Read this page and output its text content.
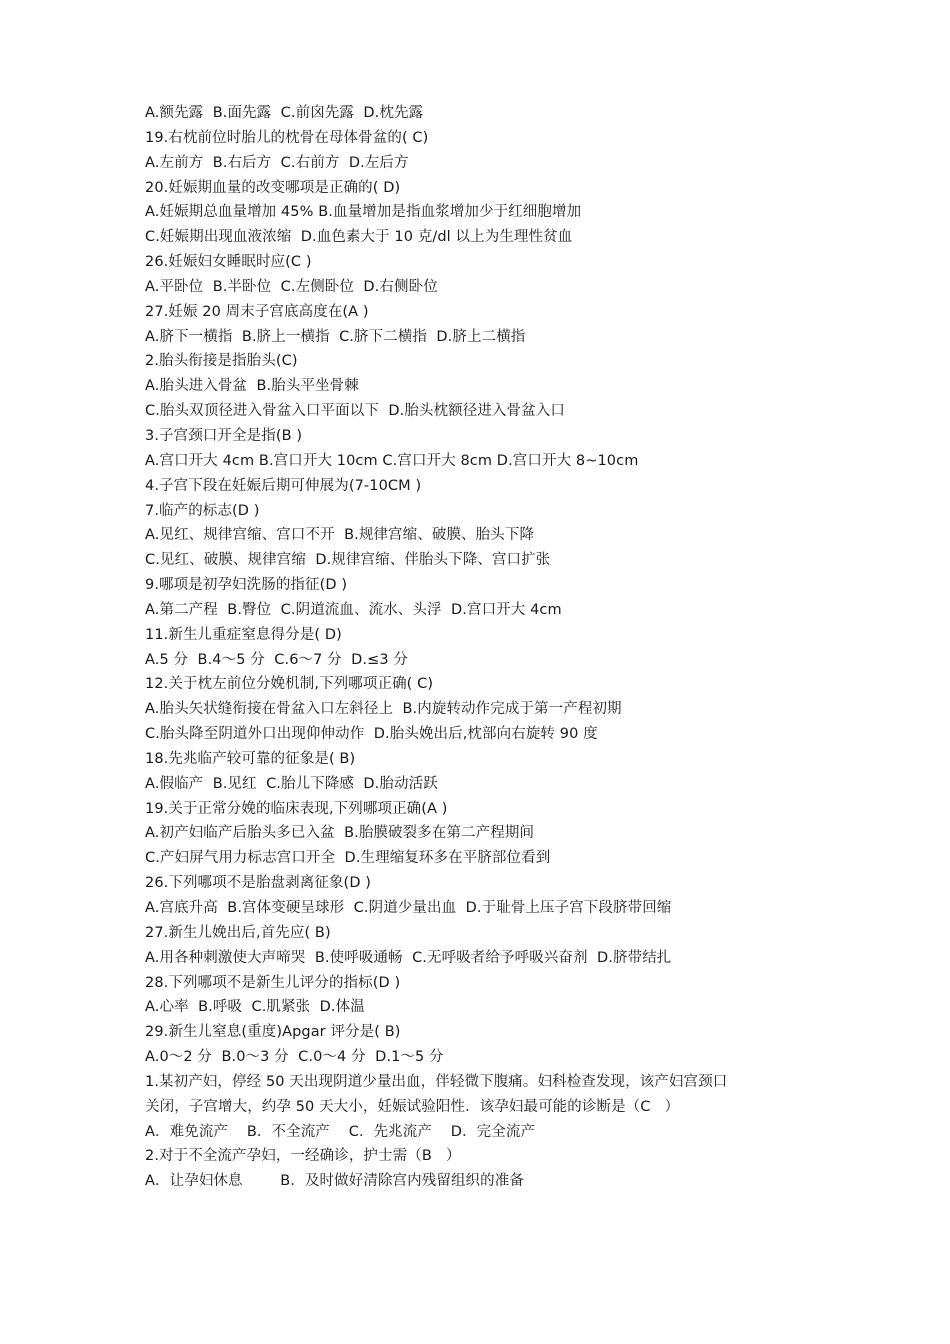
A.额先露  B.面先露  C.前囟先露  D.枕先露
19.右枕前位时胎儿的枕骨在母体骨盆的( C)
A.左前方  B.右后方  C.右前方  D.左后方
20.妊娠期血量的改变哪项是正确的( D)
A.妊娠期总血量增加 45% B.血量增加是指血浆增加少于红细胞增加
C.妊娠期出现血液浓缩  D.血色素大于 10 克/dl 以上为生理性贫血
26.妊娠妇女睡眠时应(C )
A.平卧位  B.半卧位  C.左侧卧位  D.右侧卧位
27.妊娠 20 周末子宫底高度在(A )
A.脐下一横指  B.脐上一横指  C.脐下二横指  D.脐上二横指
2.胎头衔接是指胎头(C)
A.胎头进入骨盆  B.胎头平坐骨棘
C.胎头双顶径进入骨盆入口平面以下  D.胎头枕额径进入骨盆入口
3.子宫颈口开全是指(B )
A.宫口开大 4cm B.宫口开大 10cm C.宫口开大 8cm D.宫口开大 8~10cm
4.子宫下段在妊娠后期可伸展为(7-10CM )
7.临产的标志(D )
A.见红、规律宫缩、宫口不开  B.规律宫缩、破膜、胎头下降
C.见红、破膜、规律宫缩  D.规律宫缩、伴胎头下降、宫口扩张
9.哪项是初孕妇洗肠的指征(D )
A.第二产程  B.臀位  C.阴道流血、流水、头浮  D.宫口开大 4cm
11.新生儿重症窒息得分是( D)
A.5 分  B.4～5 分  C.6～7 分  D.≤3 分
12.关于枕左前位分娩机制,下列哪项正确( C)
A.胎头矢状缝衔接在骨盆入口左斜径上  B.内旋转动作完成于第一产程初期
C.胎头降至阴道外口出现仰伸动作  D.胎头娩出后,枕部向右旋转 90 度
18.先兆临产较可靠的征象是( B)
A.假临产  B.见红  C.胎儿下降感  D.胎动活跃
19.关于正常分娩的临床表现,下列哪项正确(A )
A.初产妇临产后胎头多已入盆  B.胎膜破裂多在第二产程期间
C.产妇屏气用力标志宫口开全  D.生理缩复环多在平脐部位看到
26.下列哪项不是胎盘剥离征象(D )
A.宫底升高  B.宫体变硬呈球形  C.阴道少量出血  D.于耻骨上压子宫下段脐带回缩
27.新生儿娩出后,首先应( B)
A.用各种刺激使大声啼哭  B.使呼吸通畅  C.无呼吸者给予呼吸兴奋剂  D.脐带结扎
28.下列哪项不是新生儿评分的指标(D )
A.心率  B.呼吸  C.肌紧张  D.体温
29.新生儿窒息(重度)Apgar 评分是( B)
A.0～2 分  B.0～3 分  C.0～4 分  D.1～5 分
1.某初产妇，停经 50 天出现阴道少量出血，伴轻微下腹痛。妇科检查发现，该产妇宫颈口
关闭，子宫增大，约孕 50 天大小，妊娠试验阳性．该孕妇最可能的诊断是（C   ）
A．难免流产    B．不全流产    C．先兆流产    D．完全流产
2.对于不全流产孕妇，一经确诊，护士需（B   ）
A．让孕妇休息        B．及时做好清除宫内残留组织的准备
